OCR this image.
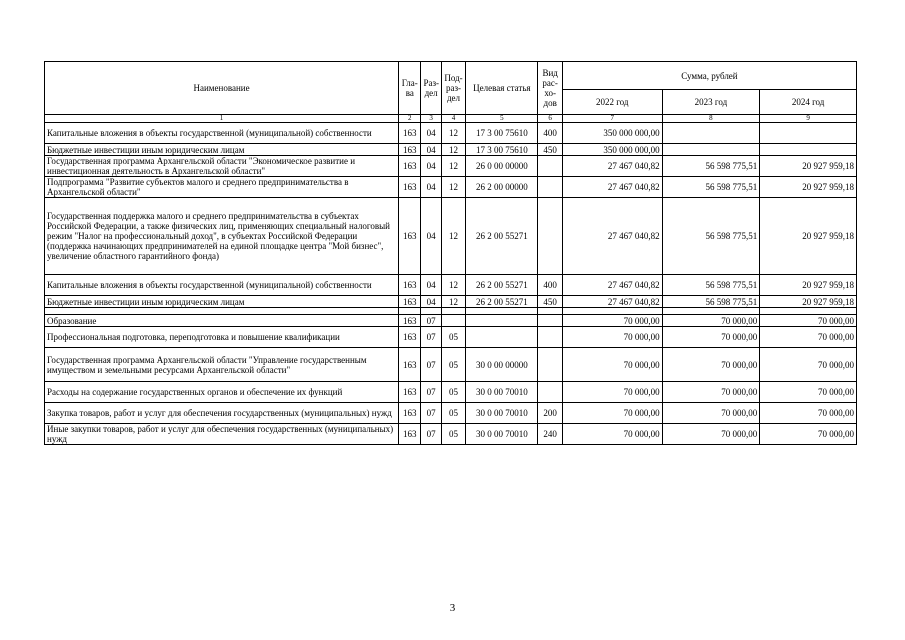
Наименование	Гла-ва	Раз-дел	Под-раз-дел	Целевая статья	Вид рас-хо-дов	Сумма, рублей		
						2022 год	2023 год	2024 год
1	2	3	4	5	6	7	8	9
Капитальные вложения в объекты государственной (муниципальной) собственности	163	04	12	17 3 00 75610	400	350 000 000,00		
Бюджетные инвестиции иным юридическим лицам	163	04	12	17 3 00 75610	450	350 000 000,00		
Государственная программа Архангельской области "Экономическое развитие и инвестиционная деятельность в Архангельской области"	163	04	12	26 0 00 00000		27 467 040,82	56 598 775,51	20 927 959,18
Подпрограмма "Развитие субъектов малого и среднего предпринимательства в Архангельской области"	163	04	12	26 2 00 00000		27 467 040,82	56 598 775,51	20 927 959,18
Государственная поддержка малого и среднего предпринимательства в субъектах Российской Федерации, а также физических лиц, применяющих специальный налоговый режим "Налог на профессиональный доход", в субъектах Российской Федерации (поддержка начинающих предпринимателей на единой площадке центра "Мой бизнес", увеличение областного гарантийного фонда)	163	04	12	26 2 00 55271		27 467 040,82	56 598 775,51	20 927 959,18
Капитальные вложения в объекты государственной (муниципальной) собственности	163	04	12	26 2 00 55271	400	27 467 040,82	56 598 775,51	20 927 959,18
Бюджетные инвестиции иным юридическим лицам	163	04	12	26 2 00 55271	450	27 467 040,82	56 598 775,51	20 927 959,18

Образование	163	07				70 000,00	70 000,00	70 000,00
Профессиональная подготовка, переподготовка и повышение квалификации	163	07	05			70 000,00	70 000,00	70 000,00
Государственная программа Архангельской области "Управление государственным имуществом и земельными ресурсами Архангельской области"	163	07	05	30 0 00 00000		70 000,00	70 000,00	70 000,00
Расходы на содержание государственных органов и обеспечение их функций	163	07	05	30 0 00 70010		70 000,00	70 000,00	70 000,00
Закупка товаров, работ и услуг для обеспечения государственных (муниципальных) нужд	163	07	05	30 0 00 70010	200	70 000,00	70 000,00	70 000,00
Иные закупки товаров, работ и услуг для обеспечения государственных (муниципальных) нужд	163	07	05	30 0 00 70010	240	70 000,00	70 000,00	70 000,00
3
